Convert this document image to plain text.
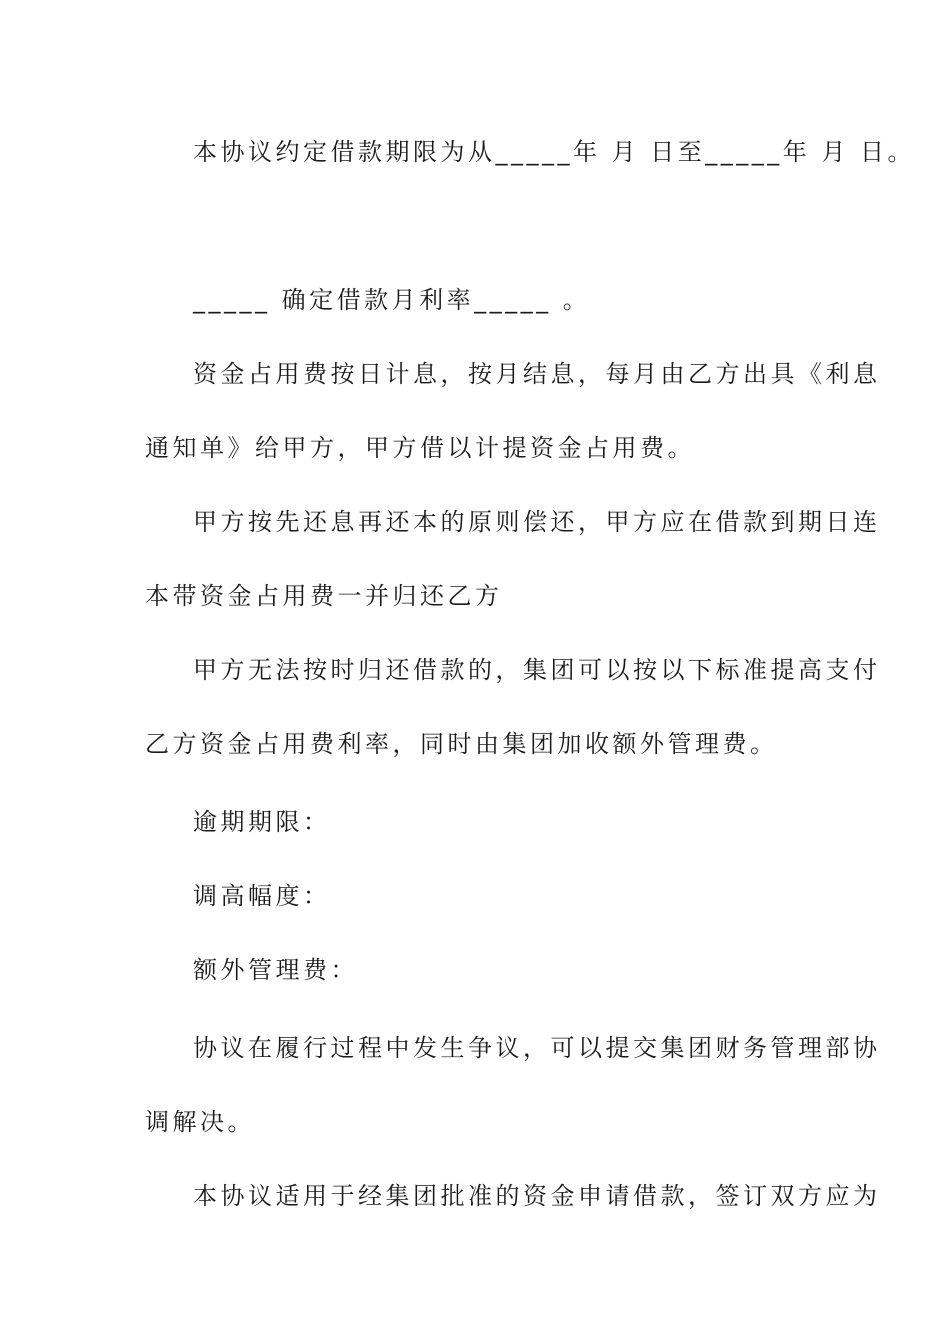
本协议约定借款期限为从_____年 月 日至_____年 月 日。
_____ 确定借款月利率_____ 。
资金占用费按日计息，按月结息，每月由乙方出具《利息
通知单》给甲方，甲方借以计提资金占用费。
甲方按先还息再还本的原则偿还，甲方应在借款到期日连
本带资金占用费一并归还乙方
甲方无法按时归还借款的，集团可以按以下标准提高支付
乙方资金占用费利率，同时由集团加收额外管理费。
逾期期限：
调高幅度：
额外管理费：
协议在履行过程中发生争议，可以提交集团财务管理部协
调解决。
本协议适用于经集团批准的资金申请借款，签订双方应为
